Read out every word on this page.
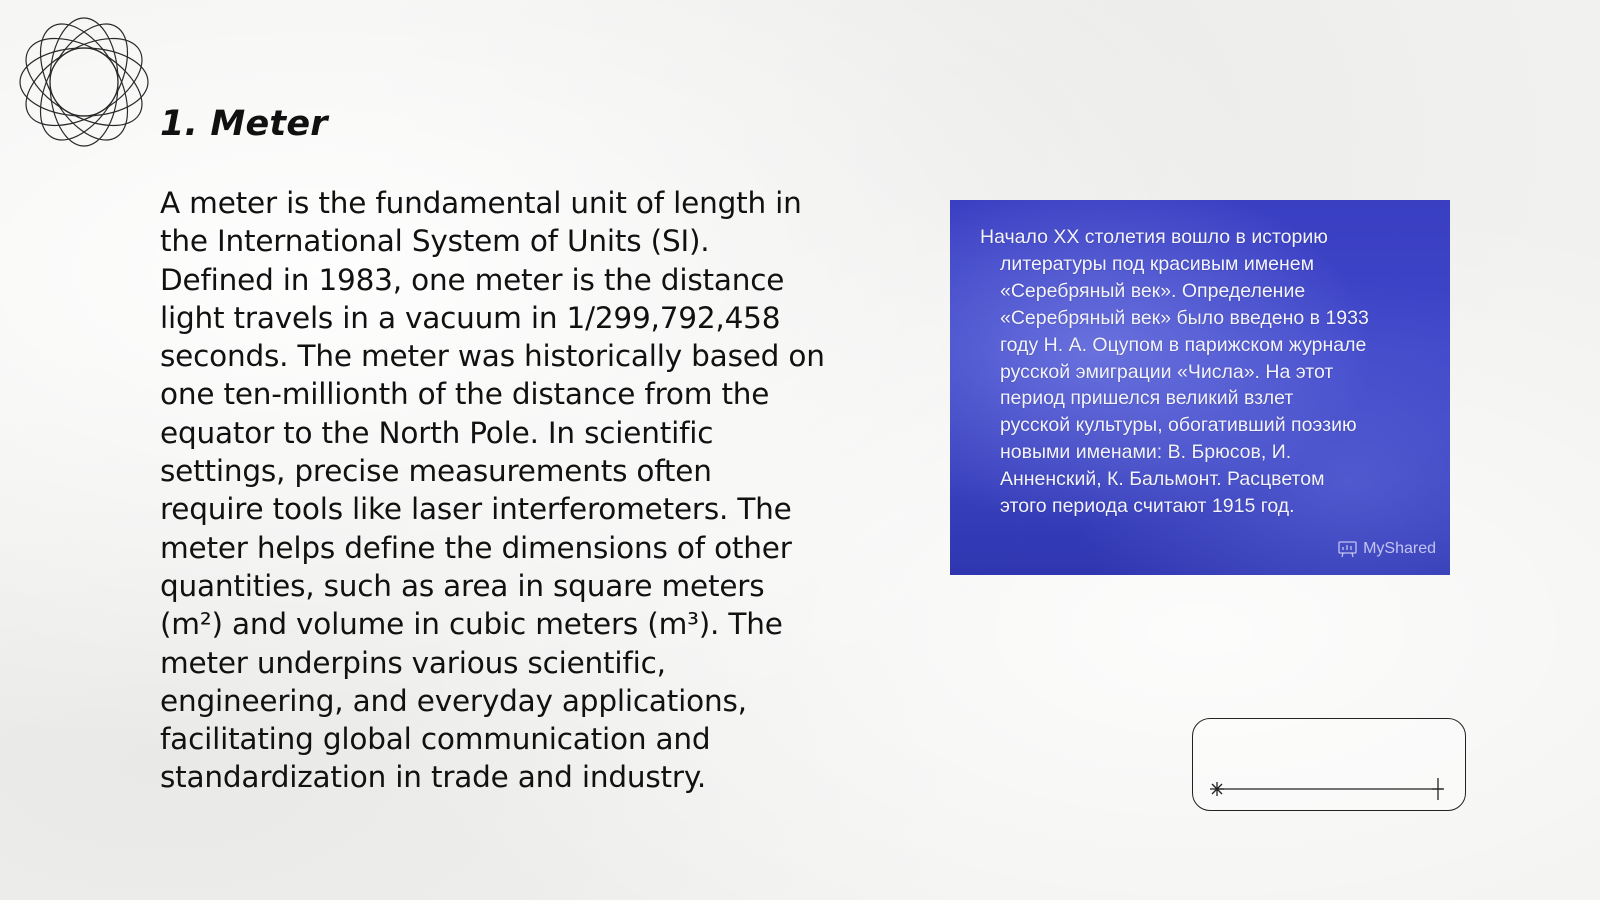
1. Meter

A meter is the fundamental unit of length in
the International System of Units (SI).
Defined in 1983, one meter is the distance
light travels in a vacuum in 1/299,792,458
seconds. The meter was historically based on
one ten-millionth of the distance from the
equator to the North Pole. In scientific
settings, precise measurements often
require tools like laser interferometers. The
meter helps define the dimensions of other
quantities, such as area in square meters
(m²) and volume in cubic meters (m³). The
meter underpins various scientific,
engineering, and everyday applications,
facilitating global communication and
standardization in trade and industry.

Начало XX столетия вошло в историю
литературы под красивым именем
«Серебряный век». Определение
«Серебряный век» было введено в 1933
году Н. А. Оцупом в парижском журнале
русской эмиграции «Числа». На этот
период пришелся великий взлет
русской культуры, обогативший поэзию
новыми именами: В. Брюсов, И.
Анненский, К. Бальмонт. Расцветом
этого периода считают 1915 год.

MyShared
